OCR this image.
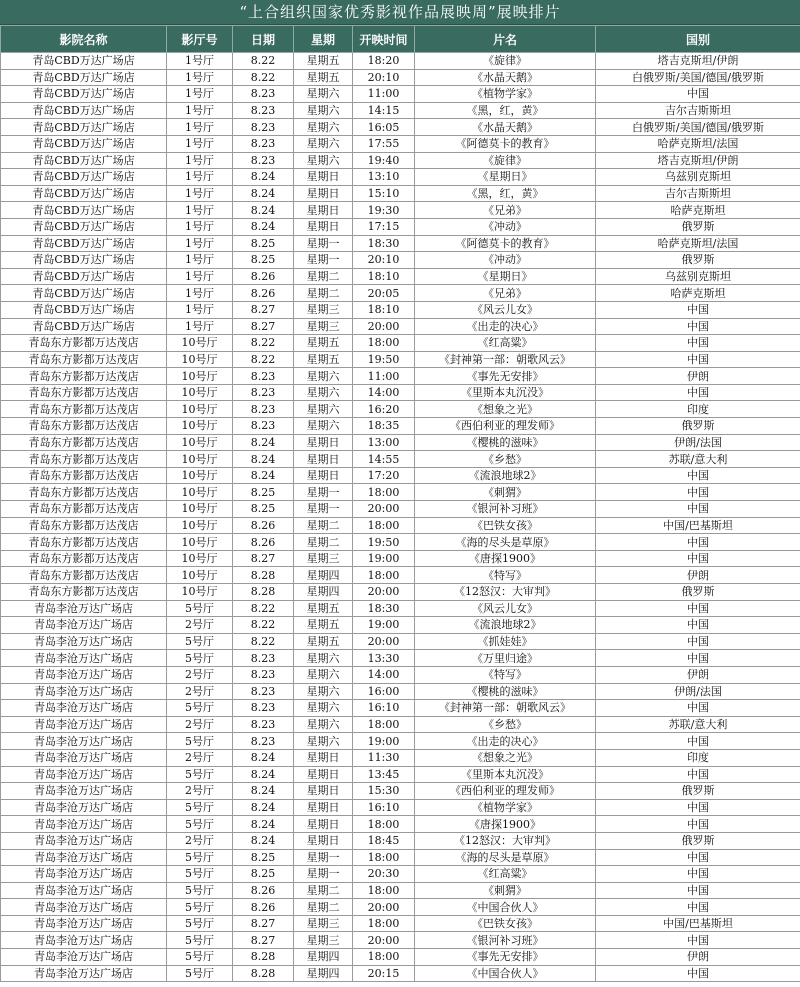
“上合组织国家优秀影视作品展映周”展映排片
影院名称	影厅号	日期	星期	开映时间	片名	国别
青岛CBD万达广场店	1号厅	8.22	星期五	18:20	《旋律》	塔吉克斯坦/伊朗
青岛CBD万达广场店	1号厅	8.22	星期五	20:10	《水晶天鹅》	白俄罗斯/美国/德国/俄罗斯
青岛CBD万达广场店	1号厅	8.23	星期六	11:00	《植物学家》	中国
青岛CBD万达广场店	1号厅	8.23	星期六	14:15	《黑，红，黄》	吉尔吉斯斯坦
青岛CBD万达广场店	1号厅	8.23	星期六	16:05	《水晶天鹅》	白俄罗斯/美国/德国/俄罗斯
青岛CBD万达广场店	1号厅	8.23	星期六	17:55	《阿德莫卡的教育》	哈萨克斯坦/法国
青岛CBD万达广场店	1号厅	8.23	星期六	19:40	《旋律》	塔吉克斯坦/伊朗
青岛CBD万达广场店	1号厅	8.24	星期日	13:10	《星期日》	乌兹别克斯坦
青岛CBD万达广场店	1号厅	8.24	星期日	15:10	《黑，红，黄》	吉尔吉斯斯坦
青岛CBD万达广场店	1号厅	8.24	星期日	19:30	《兄弟》	哈萨克斯坦
青岛CBD万达广场店	1号厅	8.24	星期日	17:15	《冲动》	俄罗斯
青岛CBD万达广场店	1号厅	8.25	星期一	18:30	《阿德莫卡的教育》	哈萨克斯坦/法国
青岛CBD万达广场店	1号厅	8.25	星期一	20:10	《冲动》	俄罗斯
青岛CBD万达广场店	1号厅	8.26	星期二	18:10	《星期日》	乌兹别克斯坦
青岛CBD万达广场店	1号厅	8.26	星期二	20:05	《兄弟》	哈萨克斯坦
青岛CBD万达广场店	1号厅	8.27	星期三	18:10	《风云儿女》	中国
青岛CBD万达广场店	1号厅	8.27	星期三	20:00	《出走的决心》	中国
青岛东方影都万达茂店	10号厅	8.22	星期五	18:00	《红高粱》	中国
青岛东方影都万达茂店	10号厅	8.22	星期五	19:50	《封神第一部：朝歌风云》	中国
青岛东方影都万达茂店	10号厅	8.23	星期六	11:00	《事先无安排》	伊朗
青岛东方影都万达茂店	10号厅	8.23	星期六	14:00	《里斯本丸沉没》	中国
青岛东方影都万达茂店	10号厅	8.23	星期六	16:20	《想象之光》	印度
青岛东方影都万达茂店	10号厅	8.23	星期六	18:35	《西伯利亚的理发师》	俄罗斯
青岛东方影都万达茂店	10号厅	8.24	星期日	13:00	《樱桃的滋味》	伊朗/法国
青岛东方影都万达茂店	10号厅	8.24	星期日	14:55	《乡愁》	苏联/意大利
青岛东方影都万达茂店	10号厅	8.24	星期日	17:20	《流浪地球2》	中国
青岛东方影都万达茂店	10号厅	8.25	星期一	18:00	《刺猬》	中国
青岛东方影都万达茂店	10号厅	8.25	星期一	20:00	《银河补习班》	中国
青岛东方影都万达茂店	10号厅	8.26	星期二	18:00	《巴铁女孩》	中国/巴基斯坦
青岛东方影都万达茂店	10号厅	8.26	星期二	19:50	《海的尽头是草原》	中国
青岛东方影都万达茂店	10号厅	8.27	星期三	19:00	《唐探1900》	中国
青岛东方影都万达茂店	10号厅	8.28	星期四	18:00	《特写》	伊朗
青岛东方影都万达茂店	10号厅	8.28	星期四	20:00	《12怒汉：大审判》	俄罗斯
青岛李沧万达广场店	5号厅	8.22	星期五	18:30	《风云儿女》	中国
青岛李沧万达广场店	2号厅	8.22	星期五	19:00	《流浪地球2》	中国
青岛李沧万达广场店	5号厅	8.22	星期五	20:00	《抓娃娃》	中国
青岛李沧万达广场店	5号厅	8.23	星期六	13:30	《万里归途》	中国
青岛李沧万达广场店	2号厅	8.23	星期六	14:00	《特写》	伊朗
青岛李沧万达广场店	2号厅	8.23	星期六	16:00	《樱桃的滋味》	伊朗/法国
青岛李沧万达广场店	5号厅	8.23	星期六	16:10	《封神第一部：朝歌风云》	中国
青岛李沧万达广场店	2号厅	8.23	星期六	18:00	《乡愁》	苏联/意大利
青岛李沧万达广场店	5号厅	8.23	星期六	19:00	《出走的决心》	中国
青岛李沧万达广场店	2号厅	8.24	星期日	11:30	《想象之光》	印度
青岛李沧万达广场店	5号厅	8.24	星期日	13:45	《里斯本丸沉没》	中国
青岛李沧万达广场店	2号厅	8.24	星期日	15:30	《西伯利亚的理发师》	俄罗斯
青岛李沧万达广场店	5号厅	8.24	星期日	16:10	《植物学家》	中国
青岛李沧万达广场店	5号厅	8.24	星期日	18:00	《唐探1900》	中国
青岛李沧万达广场店	2号厅	8.24	星期日	18:45	《12怒汉：大审判》	俄罗斯
青岛李沧万达广场店	5号厅	8.25	星期一	18:00	《海的尽头是草原》	中国
青岛李沧万达广场店	5号厅	8.25	星期一	20:30	《红高粱》	中国
青岛李沧万达广场店	5号厅	8.26	星期二	18:00	《刺猬》	中国
青岛李沧万达广场店	5号厅	8.26	星期二	20:00	《中国合伙人》	中国
青岛李沧万达广场店	5号厅	8.27	星期三	18:00	《巴铁女孩》	中国/巴基斯坦
青岛李沧万达广场店	5号厅	8.27	星期三	20:00	《银河补习班》	中国
青岛李沧万达广场店	5号厅	8.28	星期四	18:00	《事先无安排》	伊朗
青岛李沧万达广场店	5号厅	8.28	星期四	20:15	《中国合伙人》	中国
